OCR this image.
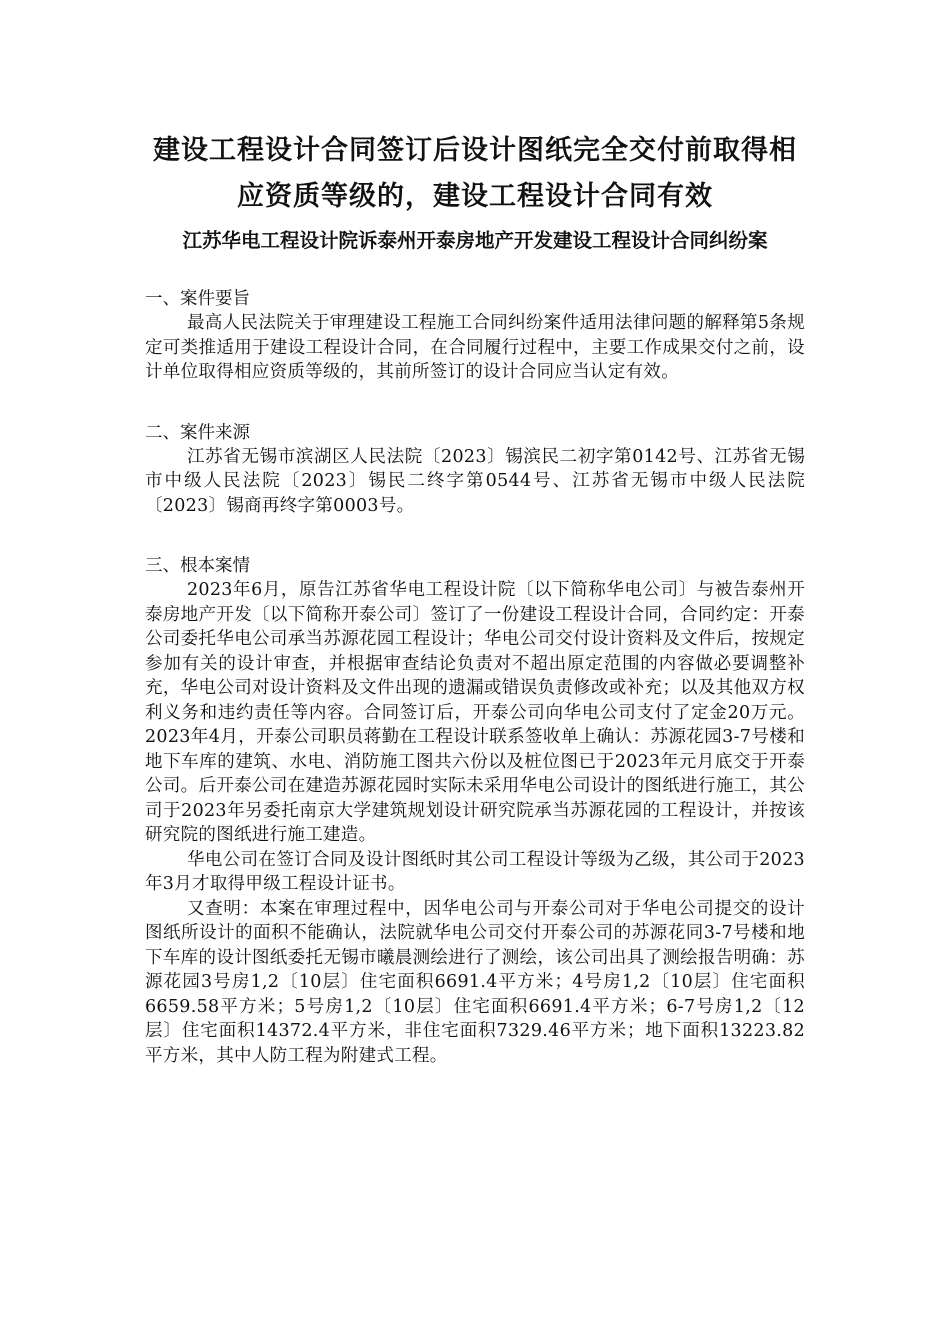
建设工程设计合同签订后设计图纸完全交付前取得相应资质等级的，建设工程设计合同有效
江苏华电工程设计院诉泰州开泰房地产开发建设工程设计合同纠纷案

一、案件要旨

最高人民法院关于审理建设工程施工合同纠纷案件适用法律问题的解释第5条规定可类推适用于建设工程设计合同，在合同履行过程中，主要工作成果交付之前，设计单位取得相应资质等级的，其前所签订的设计合同应当认定有效。

二、案件来源

江苏省无锡市滨湖区人民法院〔2023〕锡滨民二初字第0142号、江苏省无锡市中级人民法院〔2023〕锡民二终字第0544号、江苏省无锡市中级人民法院〔2023〕锡商再终字第0003号。

三、根本案情

2023年6月，原告江苏省华电工程设计院〔以下简称华电公司〕与被告泰州开泰房地产开发〔以下简称开泰公司〕签订了一份建设工程设计合同，合同约定：开泰公司委托华电公司承当苏源花园工程设计；华电公司交付设计资料及文件后，按规定参加有关的设计审查，并根据审查结论负责对不超出原定范围的内容做必要调整补充，华电公司对设计资料及文件出现的遗漏或错误负责修改或补充；以及其他双方权利义务和违约责任等内容。合同签订后，开泰公司向华电公司支付了定金20万元。2023年4月，开泰公司职员蒋勤在工程设计联系签收单上确认：苏源花园3-7号楼和地下车库的建筑、水电、消防施工图共六份以及桩位图已于2023年元月底交于开泰公司。后开泰公司在建造苏源花园时实际未采用华电公司设计的图纸进行施工，其公司于2023年另委托南京大学建筑规划设计研究院承当苏源花园的工程设计，并按该研究院的图纸进行施工建造。

华电公司在签订合同及设计图纸时其公司工程设计等级为乙级，其公司于2023年3月才取得甲级工程设计证书。

又查明：本案在审理过程中，因华电公司与开泰公司对于华电公司提交的设计图纸所设计的面积不能确认，法院就华电公司交付开泰公司的苏源花同3-7号楼和地下车库的设计图纸委托无锡市曦晨测绘进行了测绘，该公司出具了测绘报告明确：苏源花园3号房1,2〔10层〕住宅面积6691.4平方米；4号房1,2〔10层〕住宅面积6659.58平方米；5号房1,2〔10层〕住宅面积6691.4平方米；6-7号房1,2〔12层〕住宅面积14372.4平方米，非住宅面积7329.46平方米；地下面积13223.82平方米，其中人防工程为附建式工程。
